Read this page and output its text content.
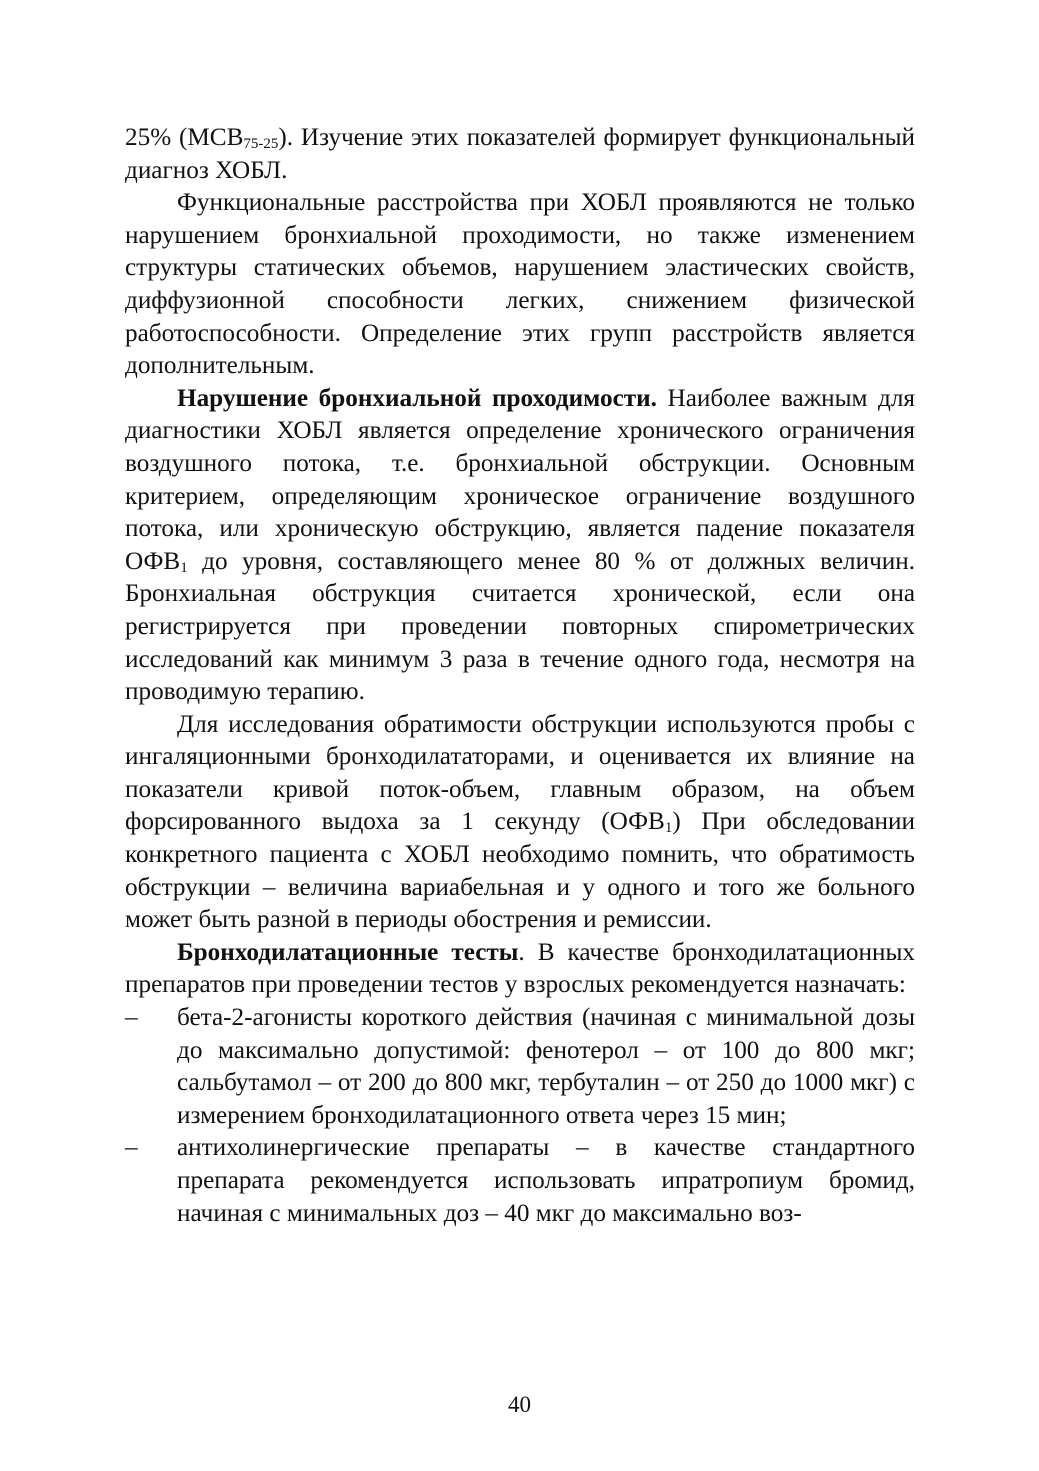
25% $(МСВ_{75-25})$. Изучение этих показателей формирует функциональный диагноз ХОБЛ.

Функциональные расстройства при ХОБЛ проявляются не только нарушением бронхиальной проходимости, но также изменением структуры статических объемов, нарушением эластических свойств, диффузионной способности легких, снижением физической работоспособности. Определение этих групп расстройств является дополнительным.

Нарушение бронхиальной проходимости. Наиболее важным для диагностики ХОБЛ является определение хронического ограничения воздушного потока, т.е. бронхиальной обструкции. Основным критерием, определяющим хроническое ограничение воздушного потока, или хроническую обструкцию, является падение показателя $ОФВ_1$ до уровня, составляющего менее 80 % от должных величин. Бронхиальная обструкция считается хронической, если она регистрируется при проведении повторных спирометрических исследований как минимум 3 раза в течение одного года, несмотря на проводимую терапию.

Для исследования обратимости обструкции используются пробы с ингаляционными бронходилататорами, и оценивается их влияние на показатели кривой поток-объем, главным образом, на объем форсированного выдоха за 1 секунду $(ОФВ_1)$ При обследовании конкретного пациента с ХОБЛ необходимо помнить, что обратимость обструкции – величина вариабельная и у одного и того же больного может быть разной в периоды обострения и ремиссии.

Бронходилатационные тесты. В качестве бронходилатационных препаратов при проведении тестов у взрослых рекомендуется назначать:

– бета-2-агонисты короткого действия (начиная с минимальной дозы до максимально допустимой: фенотерол – от 100 до 800 мкг; сальбутамол – от 200 до 800 мкг, тербуталин – от 250 до 1000 мкг) с измерением бронходилатационного ответа через 15 мин;
– антихолинергические препараты – в качестве стандартного препарата рекомендуется использовать ипратропиум бромид, начиная с минимальных доз – 40 мкг до максимально воз-
40
